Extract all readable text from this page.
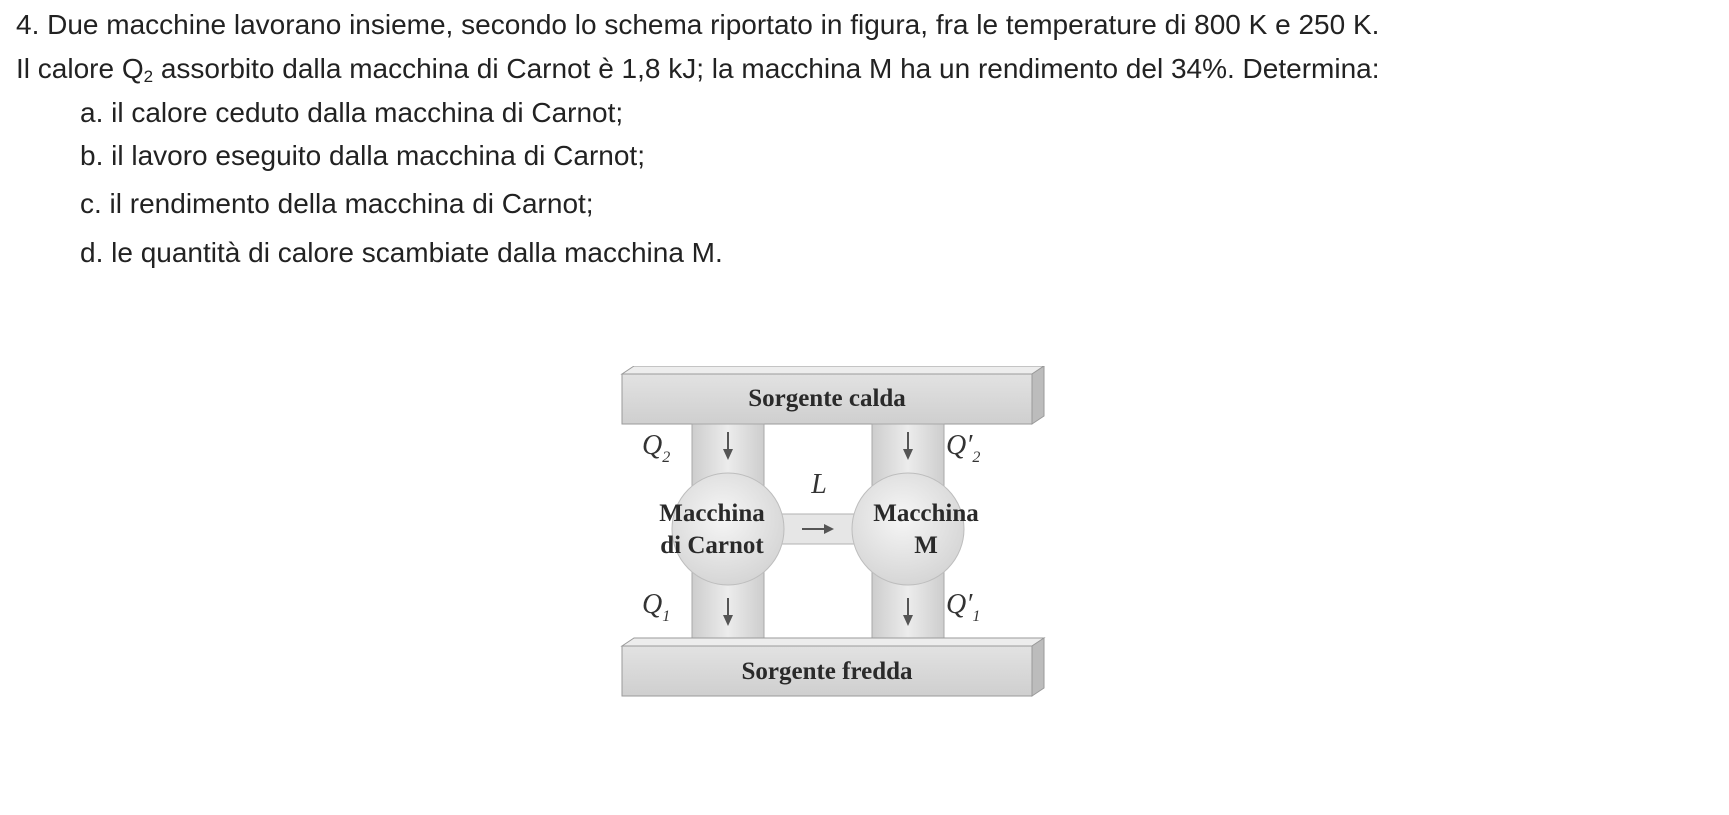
4. Due macchine lavorano insieme, secondo lo schema riportato in figura, fra le temperature di 800 K e 250 K.

Il calore $Q_2$ assorbito dalla macchina di Carnot è 1,8 kJ; la macchina M ha un rendimento del 34%. Determina:

a. il calore ceduto dalla macchina di Carnot;
b. il lavoro eseguito dalla macchina di Carnot;
c. il rendimento della macchina di Carnot;
d. le quantità di calore scambiate dalla macchina M.
Sorgente calda
Sorgente fredda
Macchina
di Carnot
Macchina
M
L
$Q_2$	$Q'_2$
$Q_1$	$Q'_1$
